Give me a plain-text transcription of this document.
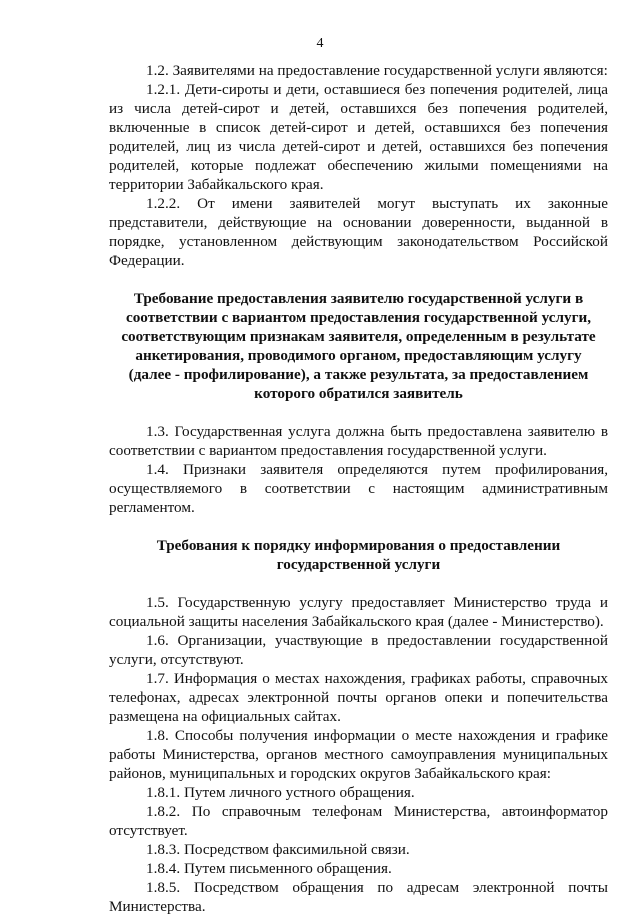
4

1.2. Заявителями на предоставление государственной услуги являются:

1.2.1. Дети-сироты и дети, оставшиеся без попечения родителей, лица из числа детей-сирот и детей, оставшихся без попечения родителей, включенные в список детей-сирот и детей, оставшихся без попечения родителей, лиц из числа детей-сирот и детей, оставшихся без попечения родителей, которые подлежат обеспечению жилыми помещениями на территории Забайкальского края.

1.2.2. От имени заявителей могут выступать их законные представители, действующие на основании доверенности, выданной в порядке, установленном действующим законодательством Российской Федерации.

Требование предоставления заявителю государственной услуги в соответствии с вариантом предоставления государственной услуги, соответствующим признакам заявителя, определенным в результате анкетирования, проводимого органом, предоставляющим услугу (далее - профилирование), а также результата, за предоставлением которого обратился заявитель

1.3. Государственная услуга должна быть предоставлена заявителю в соответствии с вариантом предоставления государственной услуги.

1.4. Признаки заявителя определяются путем профилирования, осуществляемого в соответствии с настоящим административным регламентом.

Требования к порядку информирования о предоставлении государственной услуги

1.5. Государственную услугу предоставляет Министерство труда и социальной защиты населения Забайкальского края (далее - Министерство).

1.6. Организации, участвующие в предоставлении государственной услуги, отсутствуют.

1.7. Информация о местах нахождения, графиках работы, справочных телефонах, адресах электронной почты органов опеки и попечительства размещена на официальных сайтах.

1.8. Способы получения информации о месте нахождения и графике работы Министерства, органов местного самоуправления муниципальных районов, муниципальных и городских округов Забайкальского края:

1.8.1. Путем личного устного обращения.

1.8.2. По справочным телефонам Министерства, автоинформатор отсутствует.

1.8.3. Посредством факсимильной связи.

1.8.4. Путем письменного обращения.

1.8.5. Посредством обращения по адресам электронной почты Министерства.
